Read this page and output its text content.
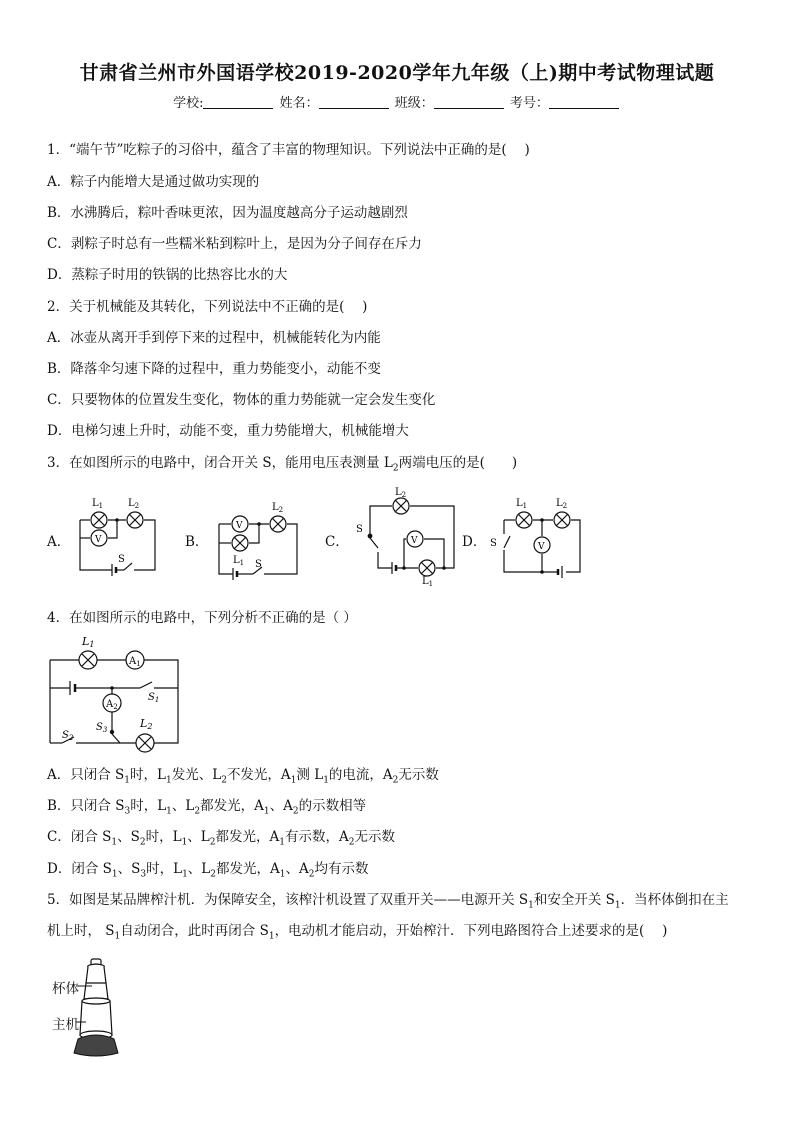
甘肃省兰州市外国语学校2019-2020学年九年级（上)期中考试物理试题
学校:	姓名：	班级：	考号：
1．“端午节”吃粽子的习俗中，蕴含了丰富的物理知识。下列说法中正确的是(　 )
A．粽子内能增大是通过做功实现的
B．水沸腾后，粽叶香味更浓，因为温度越高分子运动越剧烈
C．剥粽子时总有一些糯米粘到粽叶上，是因为分子间存在斥力
D．蒸粽子时用的铁锅的比热容比水的大
2．关于机械能及其转化，下列说法中不正确的是(　 )
A．冰壶从离开手到停下来的过程中，机械能转化为内能
B．降落伞匀速下降的过程中，重力势能变小，动能不变
C．只要物体的位置发生变化，物体的重力势能就一定会发生变化
D．电梯匀速上升时，动能不变，重力势能增大，机械能增大
3．在如图所示的电路中，闭合开关 S，能用电压表测量 $L_2$两端电压的是(　　)
A．	B．	C．	D．
$L_1$ $L_2$
V
S
V
$L_2$
$L_1$ S
$L_2$
S
V
$L_1$
$L_1$	$L_2$
S	V
4．在如图所示的电路中，下列分析不正确的是（ ）
L1
$A_1$
$S_1$
$A_2$
$S_3$	L2
$S_2$
A．只闭合 $S_1$时，$L_1$发光、$L_2$不发光，$A_1$测 $L_1$的电流，$A_2$无示数
B．只闭合 $S_3$时，$L_1$、$L_2$都发光，$A_1$、$A_2$的示数相等
C．闭合 $S_1$、$S_2$时，$L_1$、$L_2$都发光，$A_1$有示数，$A_2$无示数
D．闭合 $S_1$、$S_3$时，$L_1$、$L_2$都发光，$A_1$、$A_2$均有示数
5．如图是某品牌榨汁机．为保障安全，该榨汁机设置了双重开关——电源开关 $S_1$和安全开关 $S_1$．当杯体倒扣在主
机上时， $S_1$自动闭合，此时再闭合 $S_1$，电动机才能启动，开始榨汁．下列电路图符合上述要求的是(　 )
杯体
主机
